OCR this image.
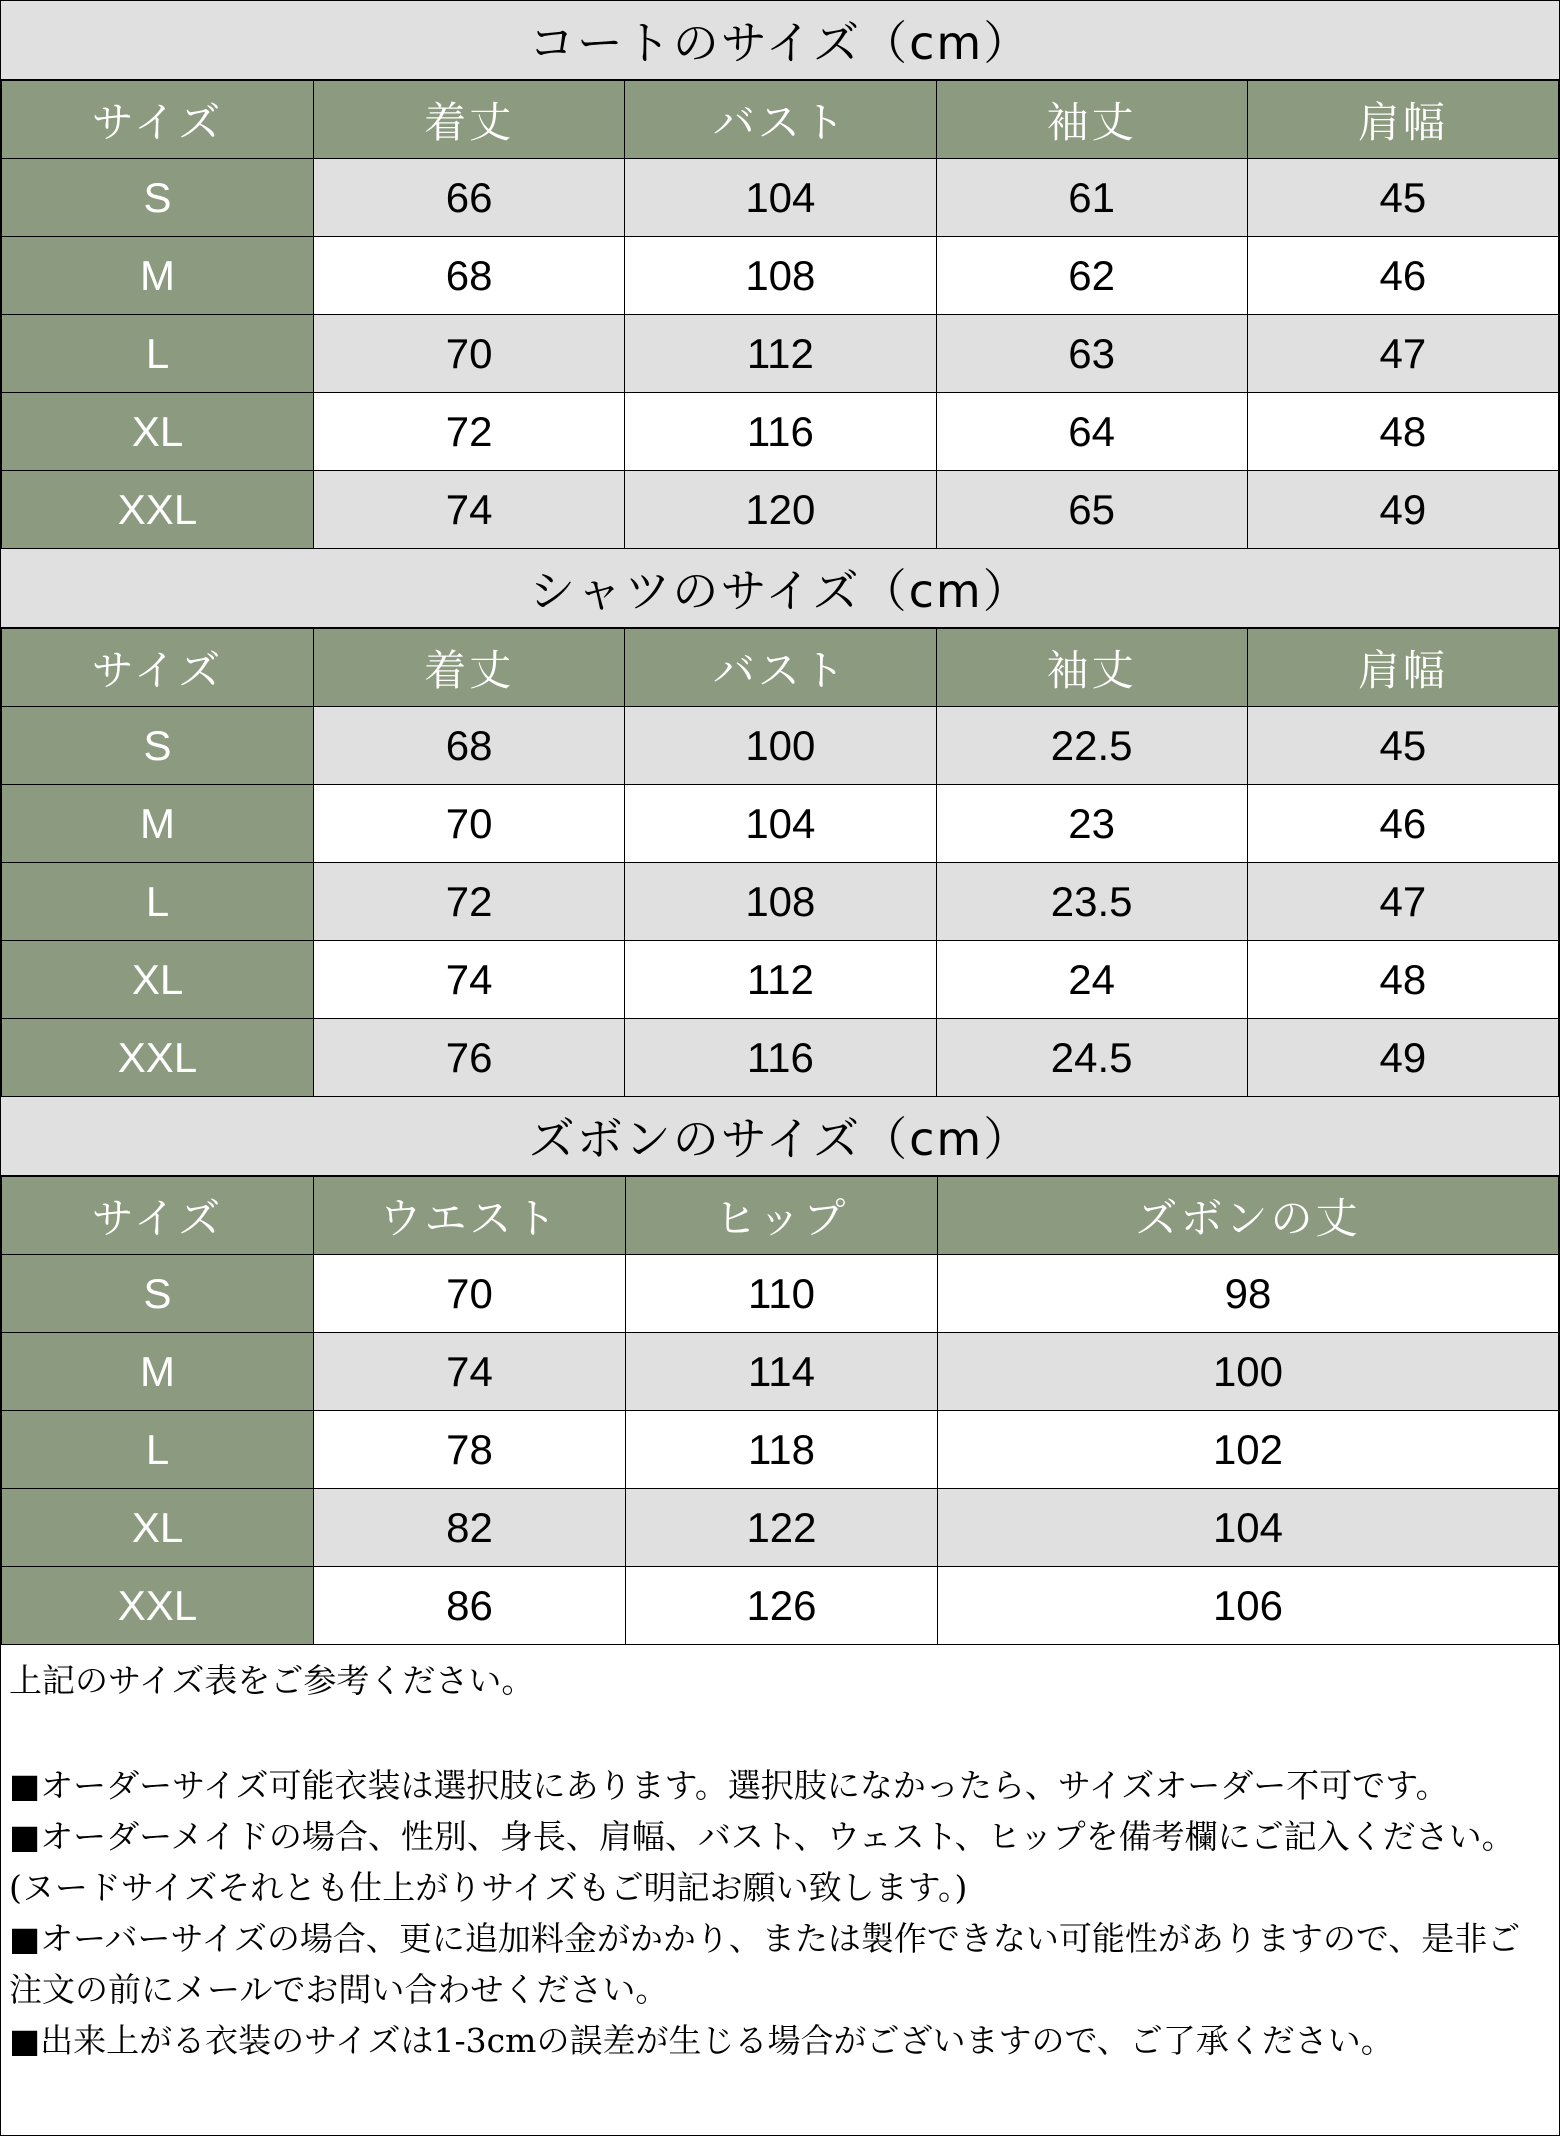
コートのサイズ（cm）
サイズ	着丈	バスト	袖丈	肩幅
S	66	104	61	45
M	68	108	62	46
L	70	112	63	47
XL	72	116	64	48
XXL	74	120	65	49
シャツのサイズ（cm）
サイズ	着丈	バスト	袖丈	肩幅
S	68	100	22.5	45
M	70	104	23	46
L	72	108	23.5	47
XL	74	112	24	48
XXL	76	116	24.5	49
ズボンのサイズ（cm）
サイズ	ウエスト	ヒップ	ズボンの丈
S	70	110	98
M	74	114	100
L	78	118	102
XL	82	122	104
XXL	86	126	106

上記のサイズ表をご参考ください。

■オーダーサイズ可能衣装は選択肢にあります。選択肢になかったら、サイズオーダー不可です。

■オーダーメイドの場合、性別、身長、肩幅、バスト、ウェスト、ヒップを備考欄にご記入ください。(ヌードサイズそれとも仕上がりサイズもご明記お願い致します。)

■オーバーサイズの場合、更に追加料金がかかり、または製作できない可能性がありますので、是非ご注文の前にメールでお問い合わせください。

■出来上がる衣装のサイズは1-3cmの誤差が生じる場合がございますので、ご了承ください。
